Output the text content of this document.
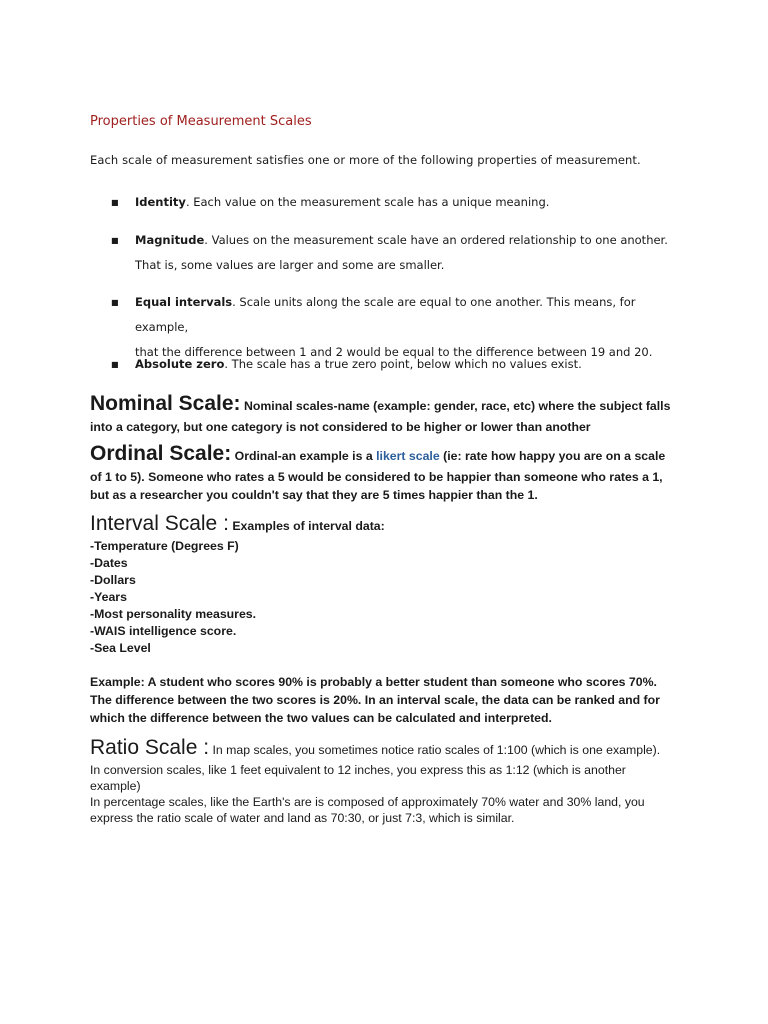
Properties of Measurement Scales
Each scale of measurement satisfies one or more of the following properties of measurement.
■ Identity. Each value on the measurement scale has a unique meaning.
■ Magnitude. Values on the measurement scale have an ordered relationship to one another.
That is, some values are larger and some are smaller.
■ Equal intervals. Scale units along the scale are equal to one another. This means, for example,
that the difference between 1 and 2 would be equal to the difference between 19 and 20.
■ Absolute zero. The scale has a true zero point, below which no values exist.
Nominal Scale: Nominal scales-name (example: gender, race, etc) where the subject falls
into a category, but one category is not considered to be higher or lower than another
Ordinal Scale: Ordinal-an example is a likert scale (ie: rate how happy you are on a scale
of 1 to 5). Someone who rates a 5 would be considered to be happier than someone who rates a 1,
but as a researcher you couldn't say that they are 5 times happier than the 1.
Interval Scale : Examples of interval data:
-Temperature (Degrees F)
-Dates
-Dollars
-Years
-Most personality measures.
-WAIS intelligence score.
-Sea Level
Example: A student who scores 90% is probably a better student than someone who scores 70%.
The difference between the two scores is 20%. In an interval scale, the data can be ranked and for
which the difference between the two values can be calculated and interpreted.
Ratio Scale : In map scales, you sometimes notice ratio scales of 1:100 (which is one example).
In conversion scales, like 1 feet equivalent to 12 inches, you express this as 1:12 (which is another
example)
In percentage scales, like the Earth's are is composed of approximately 70% water and 30% land, you
express the ratio scale of water and land as 70:30, or just 7:3, which is similar.
